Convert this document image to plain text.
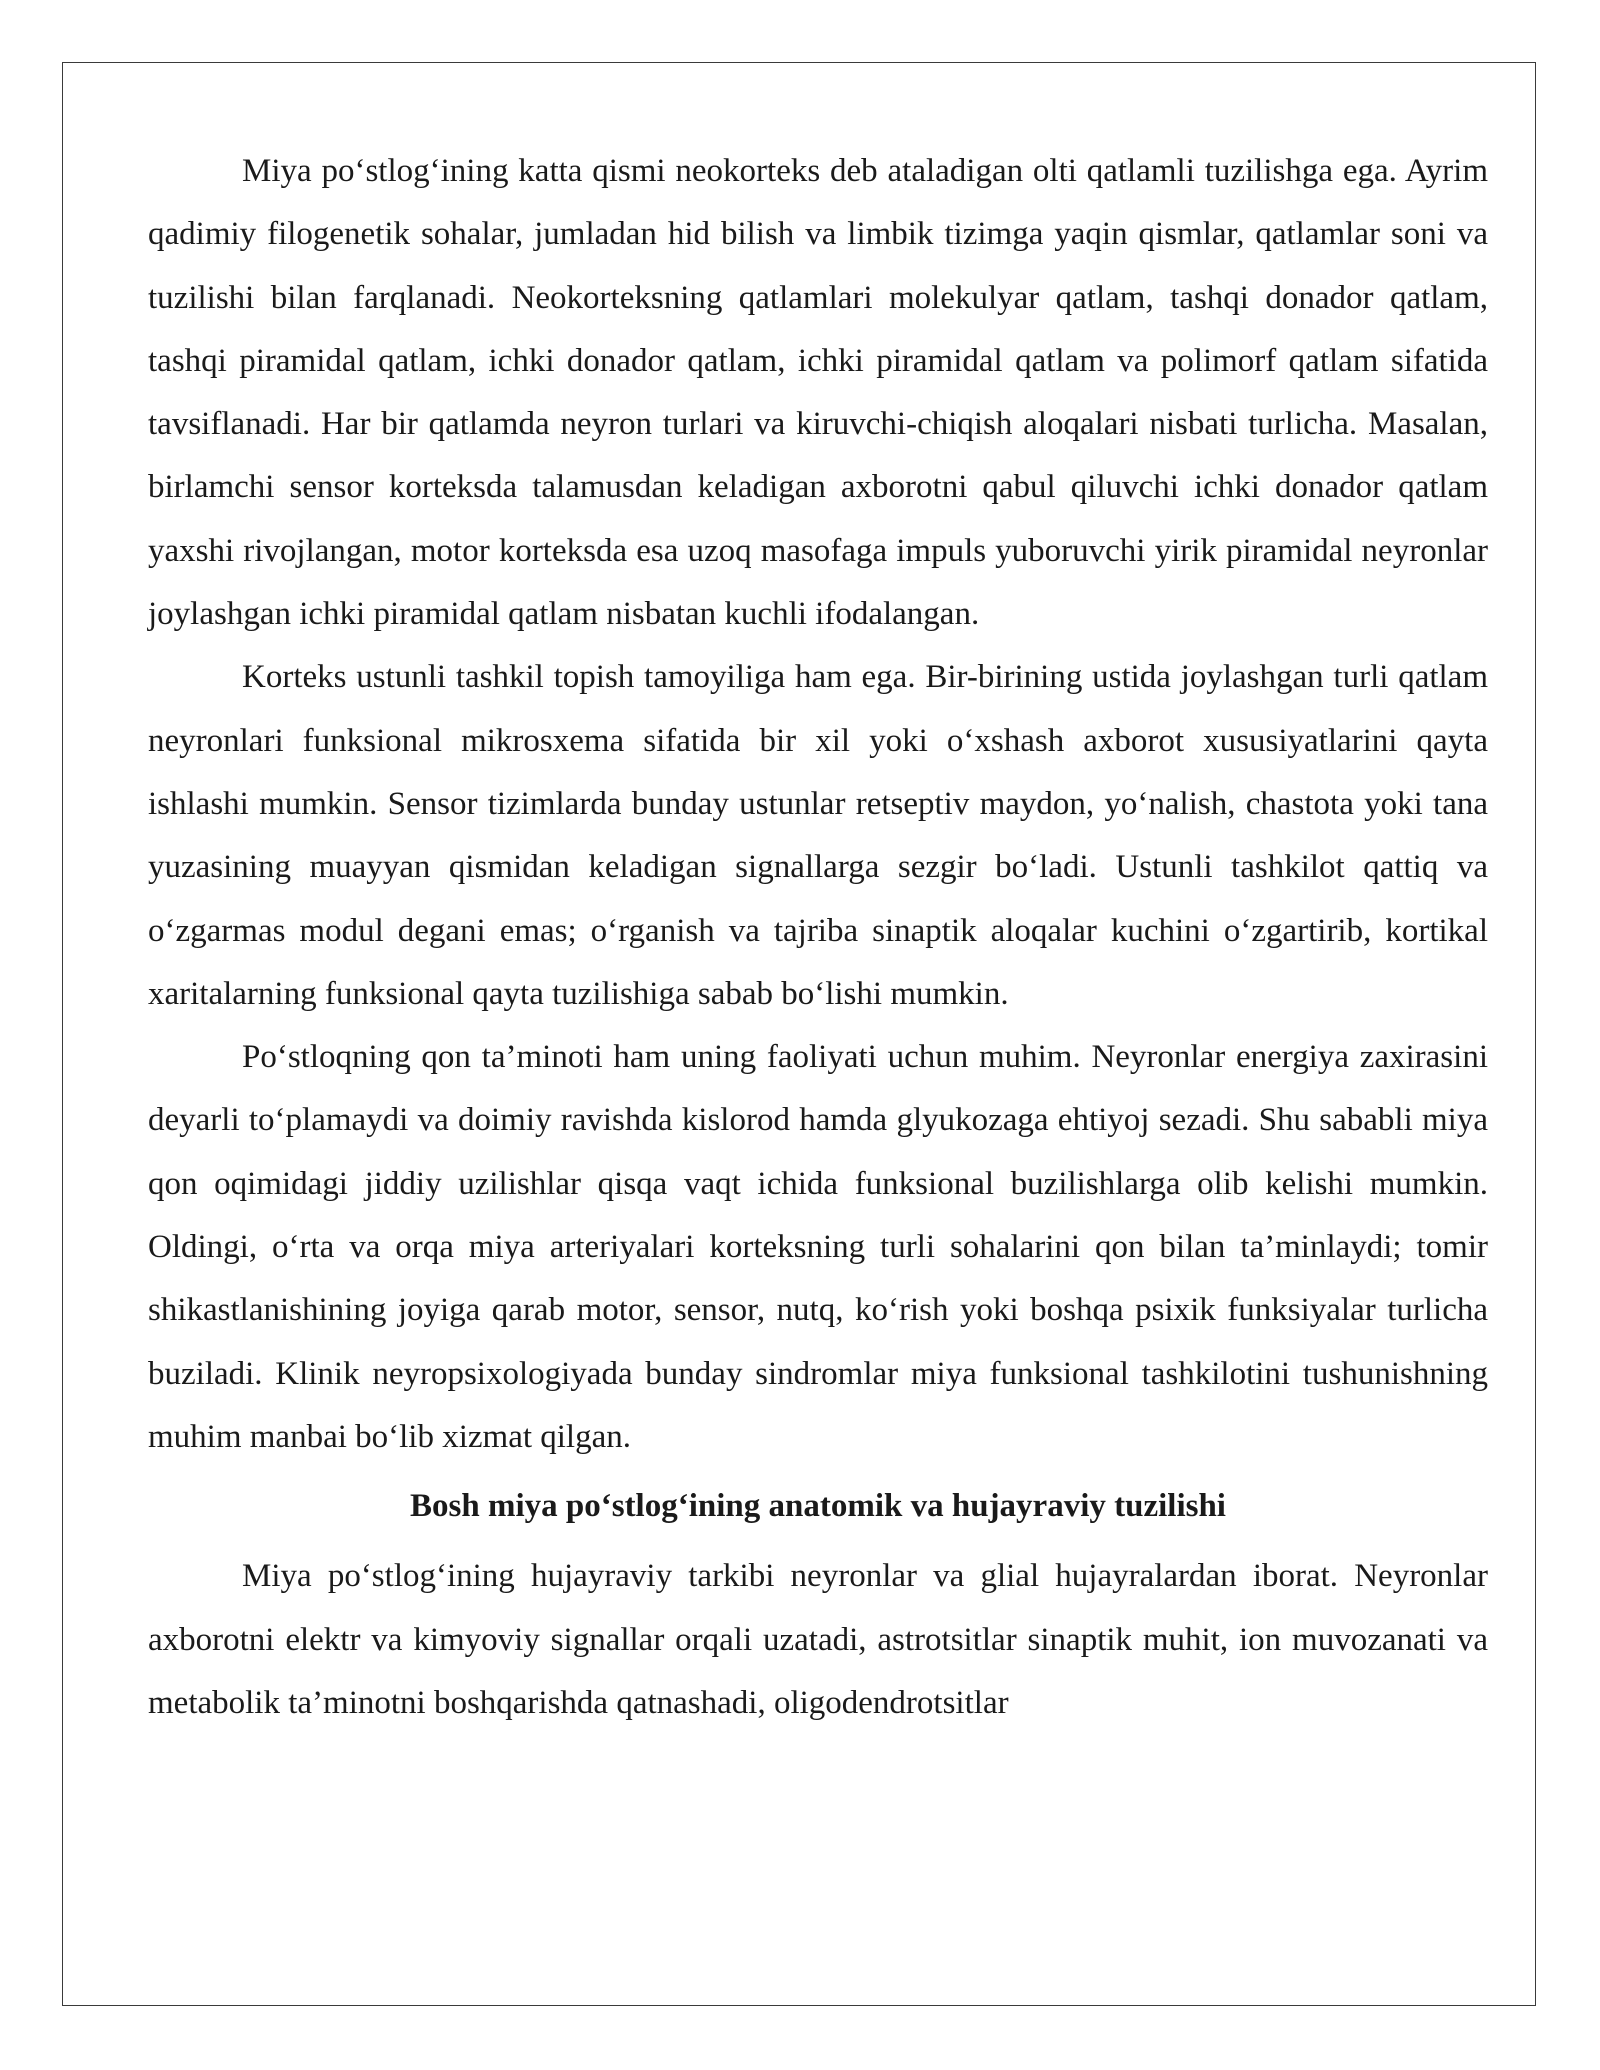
Miya po‘stlog‘ining katta qismi neokorteks deb ataladigan olti qatlamli tuzilishga ega. Ayrim qadimiy filogenetik sohalar, jumladan hid bilish va limbik tizimga yaqin qismlar, qatlamlar soni va tuzilishi bilan farqlanadi. Neokorteksning qatlamlari molekulyar qatlam, tashqi donador qatlam, tashqi piramidal qatlam, ichki donador qatlam, ichki piramidal qatlam va polimorf qatlam sifatida tavsiflanadi. Har bir qatlamda neyron turlari va kiruvchi-chiqish aloqalari nisbati turlicha. Masalan, birlamchi sensor korteksda talamusdan keladigan axborotni qabul qiluvchi ichki donador qatlam yaxshi rivojlangan, motor korteksda esa uzoq masofaga impuls yuboruvchi yirik piramidal neyronlar joylashgan ichki piramidal qatlam nisbatan kuchli ifodalangan.

Korteks ustunli tashkil topish tamoyiliga ham ega. Bir-birining ustida joylashgan turli qatlam neyronlari funksional mikrosxema sifatida bir xil yoki o‘xshash axborot xususiyatlarini qayta ishlashi mumkin. Sensor tizimlarda bunday ustunlar retseptiv maydon, yo‘nalish, chastota yoki tana yuzasining muayyan qismidan keladigan signallarga sezgir bo‘ladi. Ustunli tashkilot qattiq va o‘zgarmas modul degani emas; o‘rganish va tajriba sinaptik aloqalar kuchini o‘zgartirib, kortikal xaritalarning funksional qayta tuzilishiga sabab bo‘lishi mumkin.

Po‘stloqning qon ta’minoti ham uning faoliyati uchun muhim. Neyronlar energiya zaxirasini deyarli to‘plamaydi va doimiy ravishda kislorod hamda glyukozaga ehtiyoj sezadi. Shu sababli miya qon oqimidagi jiddiy uzilishlar qisqa vaqt ichida funksional buzilishlarga olib kelishi mumkin. Oldingi, o‘rta va orqa miya arteriyalari korteksning turli sohalarini qon bilan ta’minlaydi; tomir shikastlanishining joyiga qarab motor, sensor, nutq, ko‘rish yoki boshqa psixik funksiyalar turlicha buziladi. Klinik neyropsixologiyada bunday sindromlar miya funksional tashkilotini tushunishning muhim manbai bo‘lib xizmat qilgan.

Bosh miya po‘stlog‘ining anatomik va hujayraviy tuzilishi

Miya po‘stlog‘ining hujayraviy tarkibi neyronlar va glial hujayralardan iborat. Neyronlar axborotni elektr va kimyoviy signallar orqali uzatadi, astrotsitlar sinaptik muhit, ion muvozanati va metabolik ta’minotni boshqarishda qatnashadi, oligodendrotsitlar
